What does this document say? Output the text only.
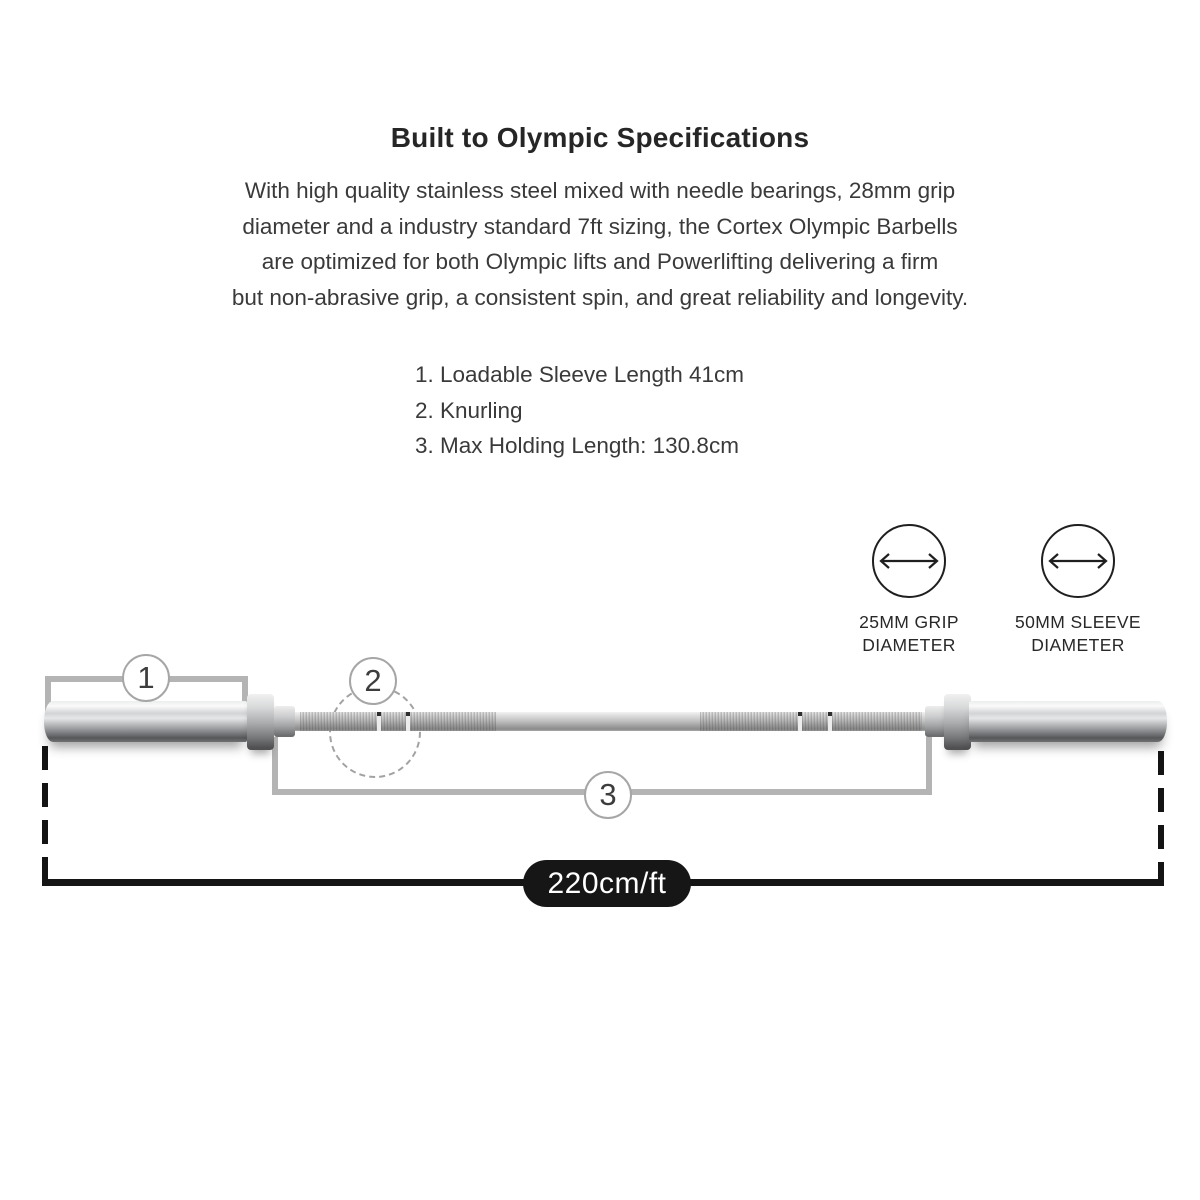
Built to Olympic Specifications
With high quality stainless steel mixed with needle bearings, 28mm grip
diameter and a industry standard 7ft sizing, the Cortex Olympic Barbells
are optimized for both Olympic lifts and Powerlifting delivering a firm
but non-abrasive grip, a consistent spin, and great reliability and longevity.
1. Loadable Sleeve Length 41cm
2. Knurling
3. Max Holding Length: 130.8cm
25MM GRIP
DIAMETER
50MM SLEEVE
DIAMETER
1	2
3
220cm/ft
